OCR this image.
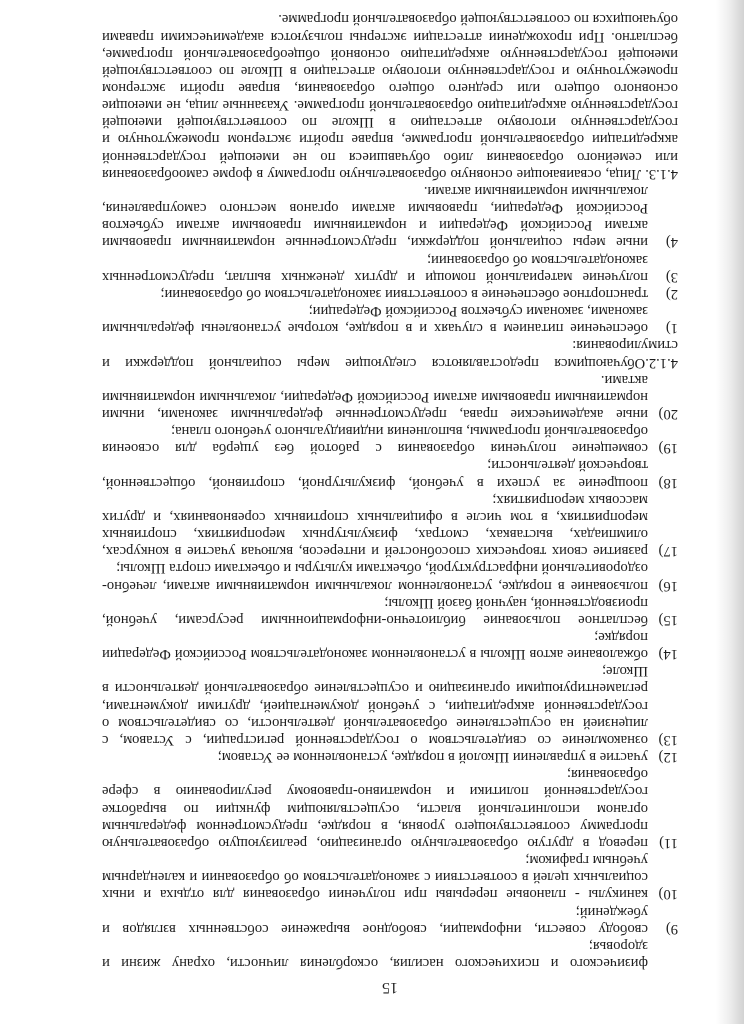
15
физического и психического насилия, оскорбления личности, охрану жизни и здоровья;
9)
свободу совести, информации, свободное выражение собственных взглядов и убеждений;
10)
каникулы - плановые перерывы при получении образования для отдыха и иных социальных целей в соответствии с законодательством об образовании и календарным учебным графиком;
11)
перевод в другую образовательную организацию, реализующую образовательную программу соответствующего уровня, в порядке, предусмотренном федеральным органом исполнительной власти, осуществляющим функции по выработке государственной политики и нормативно-правовому регулированию в сфере образования;
12)
участие в управлении Школой в порядке, установленном ее Уставом;
13)
ознакомление со свидетельством о государственной регистрации, с Уставом, с лицензией на осуществление образовательной деятельности, со свидетельством о государственной аккредитации, с учебной документацией, другими документами, регламентирующими организацию и осуществление образовательной деятельности в Школе;
14)
обжалование актов Школы в установленном законодательством Российской Федерации порядке;
15)
бесплатное пользование библиотечно-информационными ресурсами, учебной, производственной, научной базой Школы;
16)
пользование в порядке, установленном локальными нормативными актами, лечебно-оздоровительной инфраструктурой, объектами культуры и объектами спорта Школы;
17)
развитие своих творческих способностей и интересов, включая участие в конкурсах, олимпиадах, выставках, смотрах, физкультурных мероприятиях, спортивных мероприятиях, в том числе в официальных спортивных соревнованиях, и других массовых мероприятиях;
18)
поощрение за успехи в учебной, физкультурной, спортивной, общественной, творческой деятельности;
19)
совмещение получения образования с работой без ущерба для освоения образовательной программы, выполнения индивидуального учебного плана;
20)
иные академические права, предусмотренные федеральными законами, иными нормативными правовыми актами Российской Федерации, локальными нормативными актами.

4.1.2.Обучающимся предоставляются следующие меры социальной поддержки и стимулирования:

1)
обеспечение питанием в случаях и в порядке, которые установлены федеральными законами, законами субъектов Российской Федерации;
2)
транспортное обеспечение в соответствии законодательством об образовании;
3)
получение материальной помощи и других денежных выплат, предусмотренных законодательством об образовании;
4)
иные меры социальной поддержки, предусмотренные нормативными правовыми актами Российской Федерации и нормативными правовыми актами субъектов Российской Федерации, правовыми актами органов местного самоуправления, локальными нормативными актами.

4.1.3. Лица, осваивающие основную образовательную программу в форме самообразования или семейного образования либо обучавшиеся по не имеющей государственной аккредитации образовательной программе, вправе пройти экстерном промежуточную и государственную итоговую аттестацию в Школе по соответствующей имеющей государственную аккредитацию образовательной программе. Указанные лица, не имеющие основного общего или среднего общего образования, вправе пройти экстерном промежуточную и государственную итоговую аттестацию в Школе по соответствующей имеющей государственную аккредитацию основной общеобразовательной программе, бесплатно. При прохождении аттестации экстерны пользуются академическими правами обучающихся по соответствующей образовательной программе.
